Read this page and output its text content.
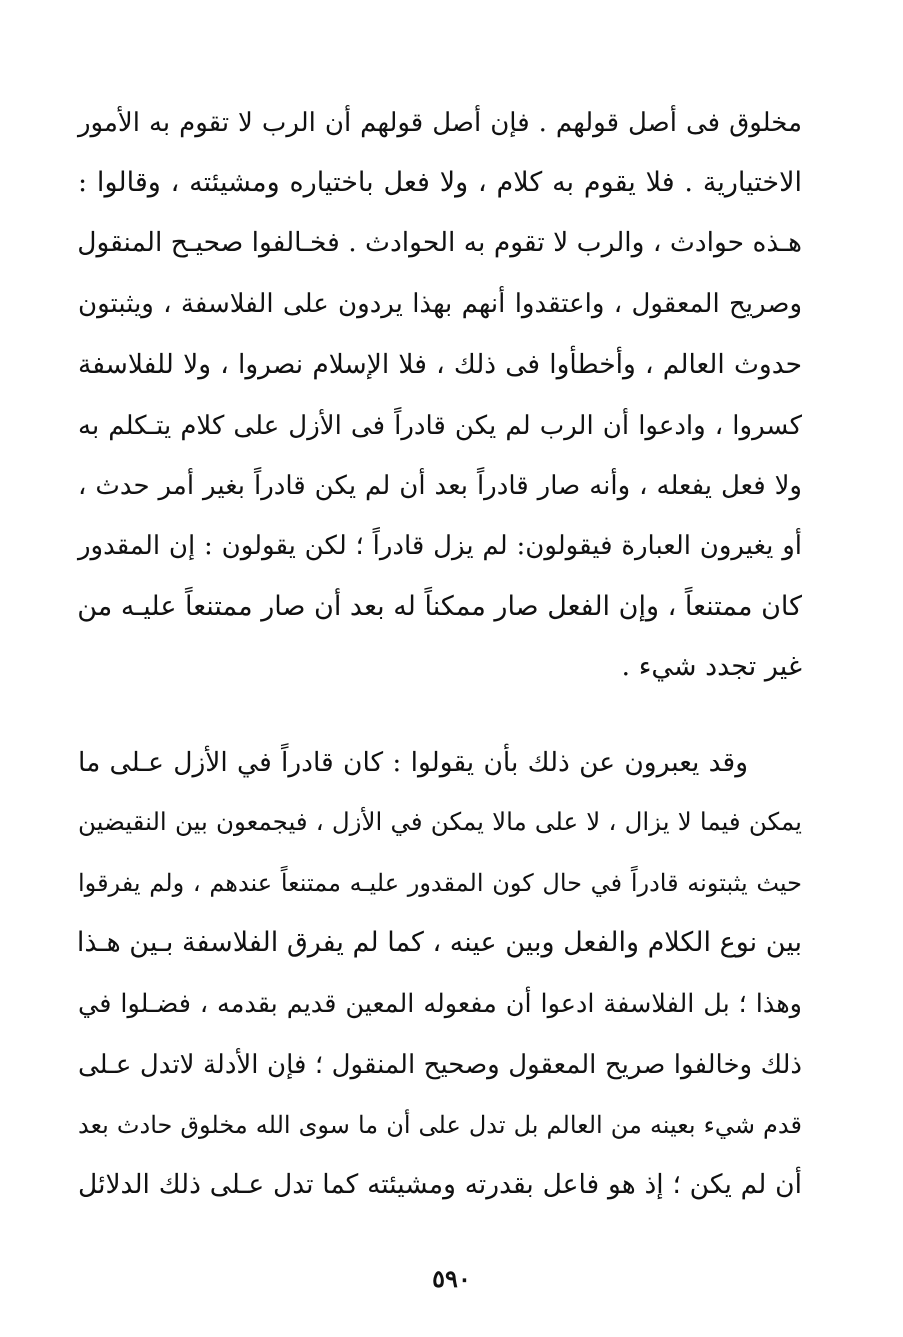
مخلوق فى أصل قولهم . فإن أصل قولهم أن الرب لا تقوم به الأمور
الاختيارية . فلا يقوم به كلام ، ولا فعل باختياره ومشيئته ، وقالوا :
هـذه حوادث ، والرب لا تقوم به الحوادث . فخـالفوا صحيـح المنقول
وصريح المعقول ، واعتقدوا أنهم بهذا يردون على الفلاسفة ، ويثبتون
حدوث العالم ، وأخطأوا فى ذلك ، فلا الإسلام نصروا ، ولا للفلاسفة
كسروا ، وادعوا أن الرب لم يكن قادراً فى الأزل على كلام يتـكلم به
ولا فعل يفعله ، وأنه صار قادراً بعد أن لم يكن قادراً بغير أمر حدث ،
أو يغيرون العبارة فيقولون: لم يزل قادراً ؛ لكن يقولون : إن المقدور
كان ممتنعاً ، وإن الفعل صار ممكناً له بعد أن صار ممتنعاً عليـه من
غير تجدد شيء .
وقد يعبرون عن ذلك بأن يقولوا : كان قادراً في الأزل عـلى ما
يمكن فيما لا يزال ، لا على مالا يمكن في الأزل ، فيجمعون بين النقيضين
حيث يثبتونه قادراً في حال كون المقدور عليـه ممتنعاً عندهم ، ولم يفرقوا
بين نوع الكلام والفعل وبين عينه ، كما لم يفرق الفلاسفة بـين هـذا
وهذا ؛ بل الفلاسفة ادعوا أن مفعوله المعين قديم بقدمه ، فضـلوا في
ذلك وخالفوا صريح المعقول وصحيح المنقول ؛ فإن الأدلة لاتدل عـلى
قدم شيء بعينه من العالم بل تدل على أن ما سوى الله مخلوق حادث بعد
أن لم يكن ؛ إذ هو فاعل بقدرته ومشيئته كما تدل عـلى ذلك الدلائل
٥٩٠
